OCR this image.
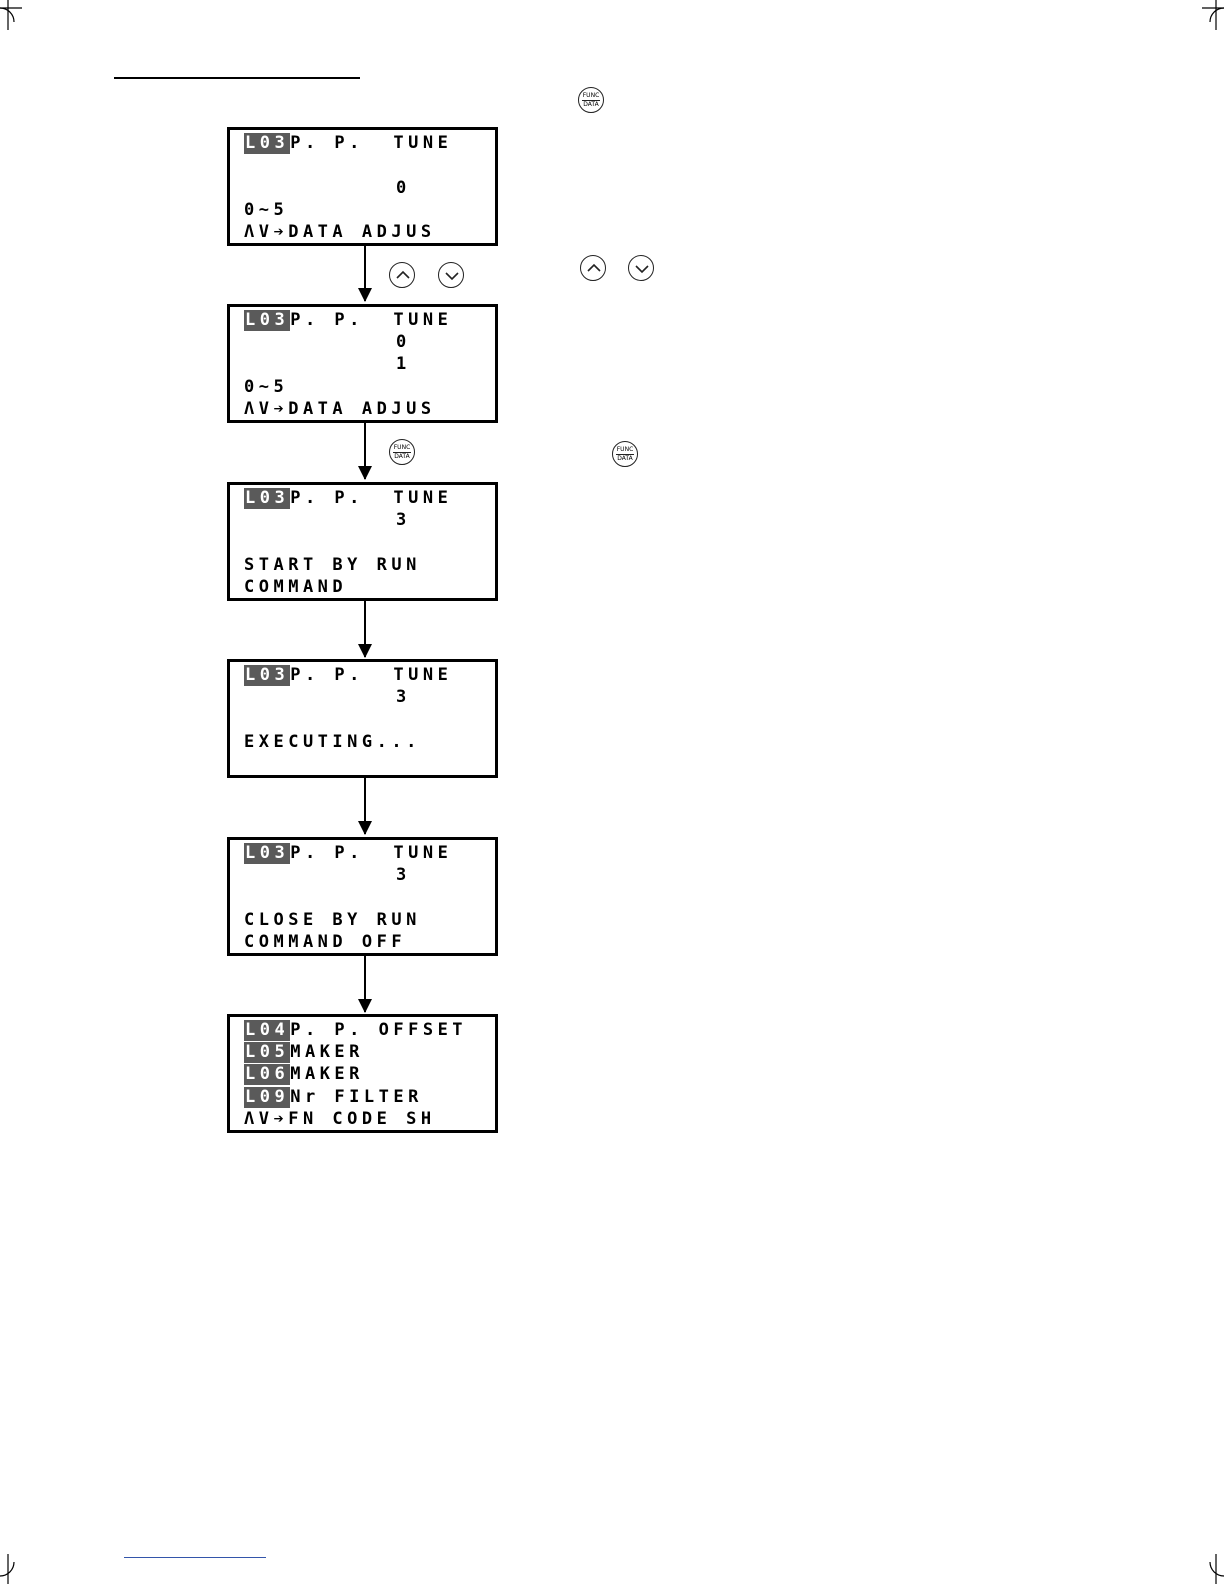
FUNC
DATA
FUNC
DATA
FUNC
DATA
L03P. P.  TUNE
0
0~5
ΛV➔DATA ADJUS
L03P. P.  TUNE
0
1
0~5
ΛV➔DATA ADJUS
L03P. P.  TUNE
3
START BY RUN
COMMAND
L03P. P.  TUNE
3
EXECUTING...
L03P. P.  TUNE
3
CLOSE BY RUN
COMMAND OFF
L04P. P. OFFSET
L05MAKER
L06MAKER
L09Nr FILTER
ΛV➔FN CODE SH
